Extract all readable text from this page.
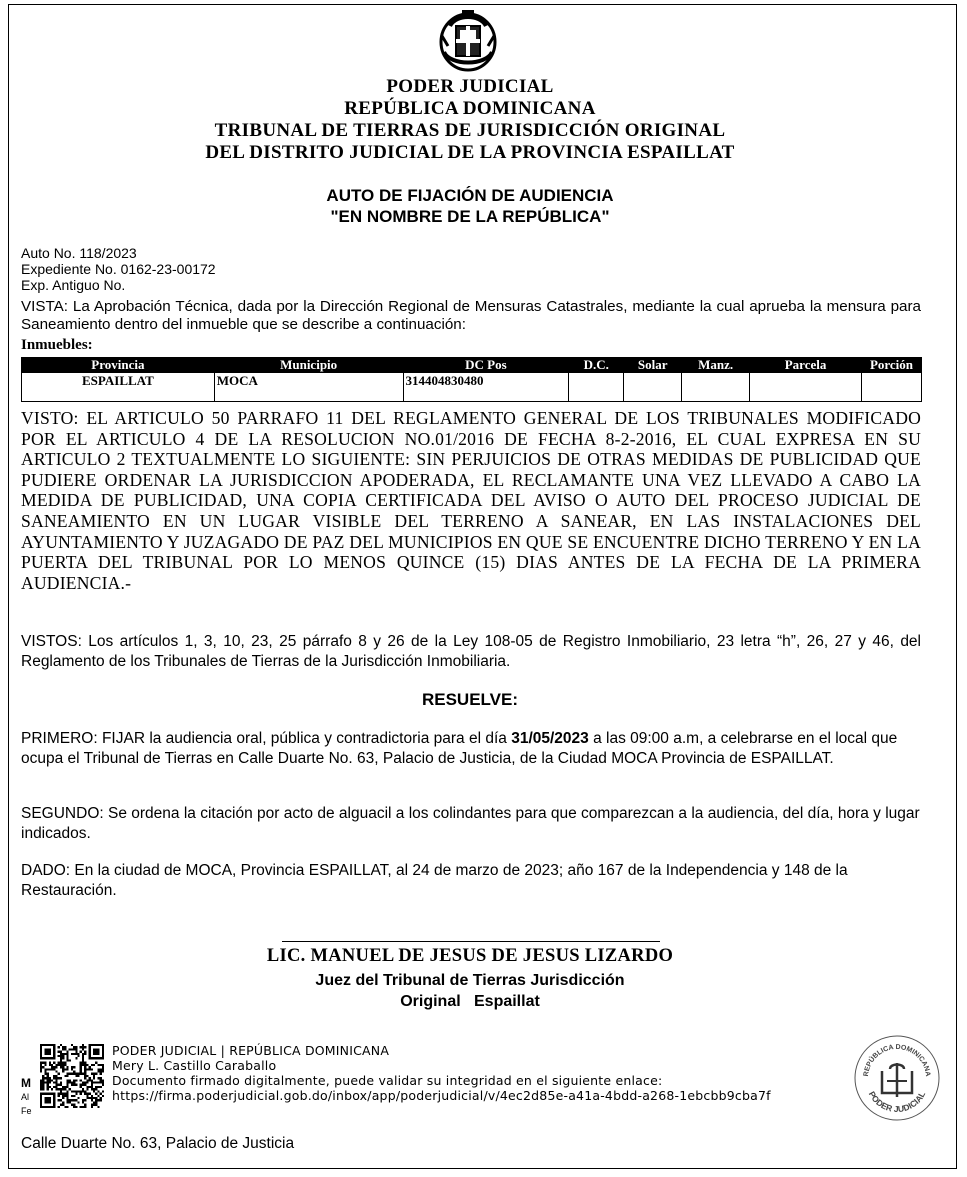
PODER JUDICIAL
REPÚBLICA DOMINICANA
TRIBUNAL DE TIERRAS DE JURISDICCIÓN ORIGINAL
DEL DISTRITO JUDICIAL DE LA PROVINCIA ESPAILLAT
AUTO DE FIJACIÓN DE AUDIENCIA
"EN NOMBRE DE LA REPÚBLICA"
Auto No. 118/2023
Expediente No. 0162-23-00172
Exp. Antiguo No.
VISTA: La Aprobación Técnica, dada por la Dirección Regional de Mensuras Catastrales, mediante la cual aprueba la mensura para Saneamiento dentro del inmueble que se describe a continuación:
Inmuebles:
Provincia	Municipio	DC Pos	D.C.	Solar	Manz.	Parcela	Porción
ESPAILLAT	MOCA	314404830480					
VISTO: EL ARTICULO 50 PARRAFO 11 DEL REGLAMENTO GENERAL DE LOS TRIBUNALES MODIFICADO POR EL ARTICULO 4 DE LA RESOLUCION NO.01/2016 DE FECHA 8-2-2016, EL CUAL EXPRESA EN SU ARTICULO 2 TEXTUALMENTE LO SIGUIENTE: SIN PERJUICIOS DE OTRAS MEDIDAS DE PUBLICIDAD QUE PUDIERE ORDENAR LA JURISDICCION APODERADA, EL RECLAMANTE UNA VEZ LLEVADO A CABO LA MEDIDA DE PUBLICIDAD, UNA COPIA CERTIFICADA DEL AVISO O AUTO DEL PROCESO JUDICIAL DE SANEAMIENTO EN UN LUGAR VISIBLE DEL TERRENO A SANEAR, EN LAS INSTALACIONES DEL AYUNTAMIENTO Y JUZAGADO DE PAZ DEL MUNICIPIOS EN QUE SE ENCUENTRE DICHO TERRENO Y EN LA PUERTA DEL TRIBUNAL POR LO MENOS QUINCE (15) DIAS ANTES DE LA FECHA DE LA PRIMERA AUDIENCIA.-
VISTOS: Los artículos 1, 3, 10, 23, 25 párrafo 8 y 26 de la Ley 108-05 de Registro Inmobiliario, 23 letra “h”, 26, 27 y 46, del Reglamento de los Tribunales de Tierras de la Jurisdicción Inmobiliaria.
RESUELVE:
PRIMERO: FIJAR la audiencia oral, pública y contradictoria para el día 31/05/2023 a las 09:00 a.m, a celebrarse en el local que ocupa el Tribunal de Tierras en Calle Duarte No. 63, Palacio de Justicia, de la Ciudad MOCA Provincia de ESPAILLAT.
SEGUNDO: Se ordena la citación por acto de alguacil a los colindantes para que comparezcan a la audiencia, del día, hora y lugar indicados.
DADO: En la ciudad de MOCA, Provincia ESPAILLAT, al 24 de marzo de 2023; año 167 de la Independencia y 148 de la Restauración.
LIC. MANUEL DE JESUS DE JESUS LIZARDO
Juez del Tribunal de Tierras Jurisdicción
Original   Espaillat
M
Al
Fe
PODER JUDICIAL | REPÚBLICA DOMINICANA
Mery L. Castillo Caraballo
Documento firmado digitalmente, puede validar su integridad en el siguiente enlace:
https://firma.poderjudicial.gob.do/inbox/app/poderjudicial/v/4ec2d85e-a41a-4bdd-a268-1ebcbb9cba7f
REPÚBLICA DOMINICANA
PODER JUDICIAL
Calle Duarte No. 63, Palacio de Justicia
